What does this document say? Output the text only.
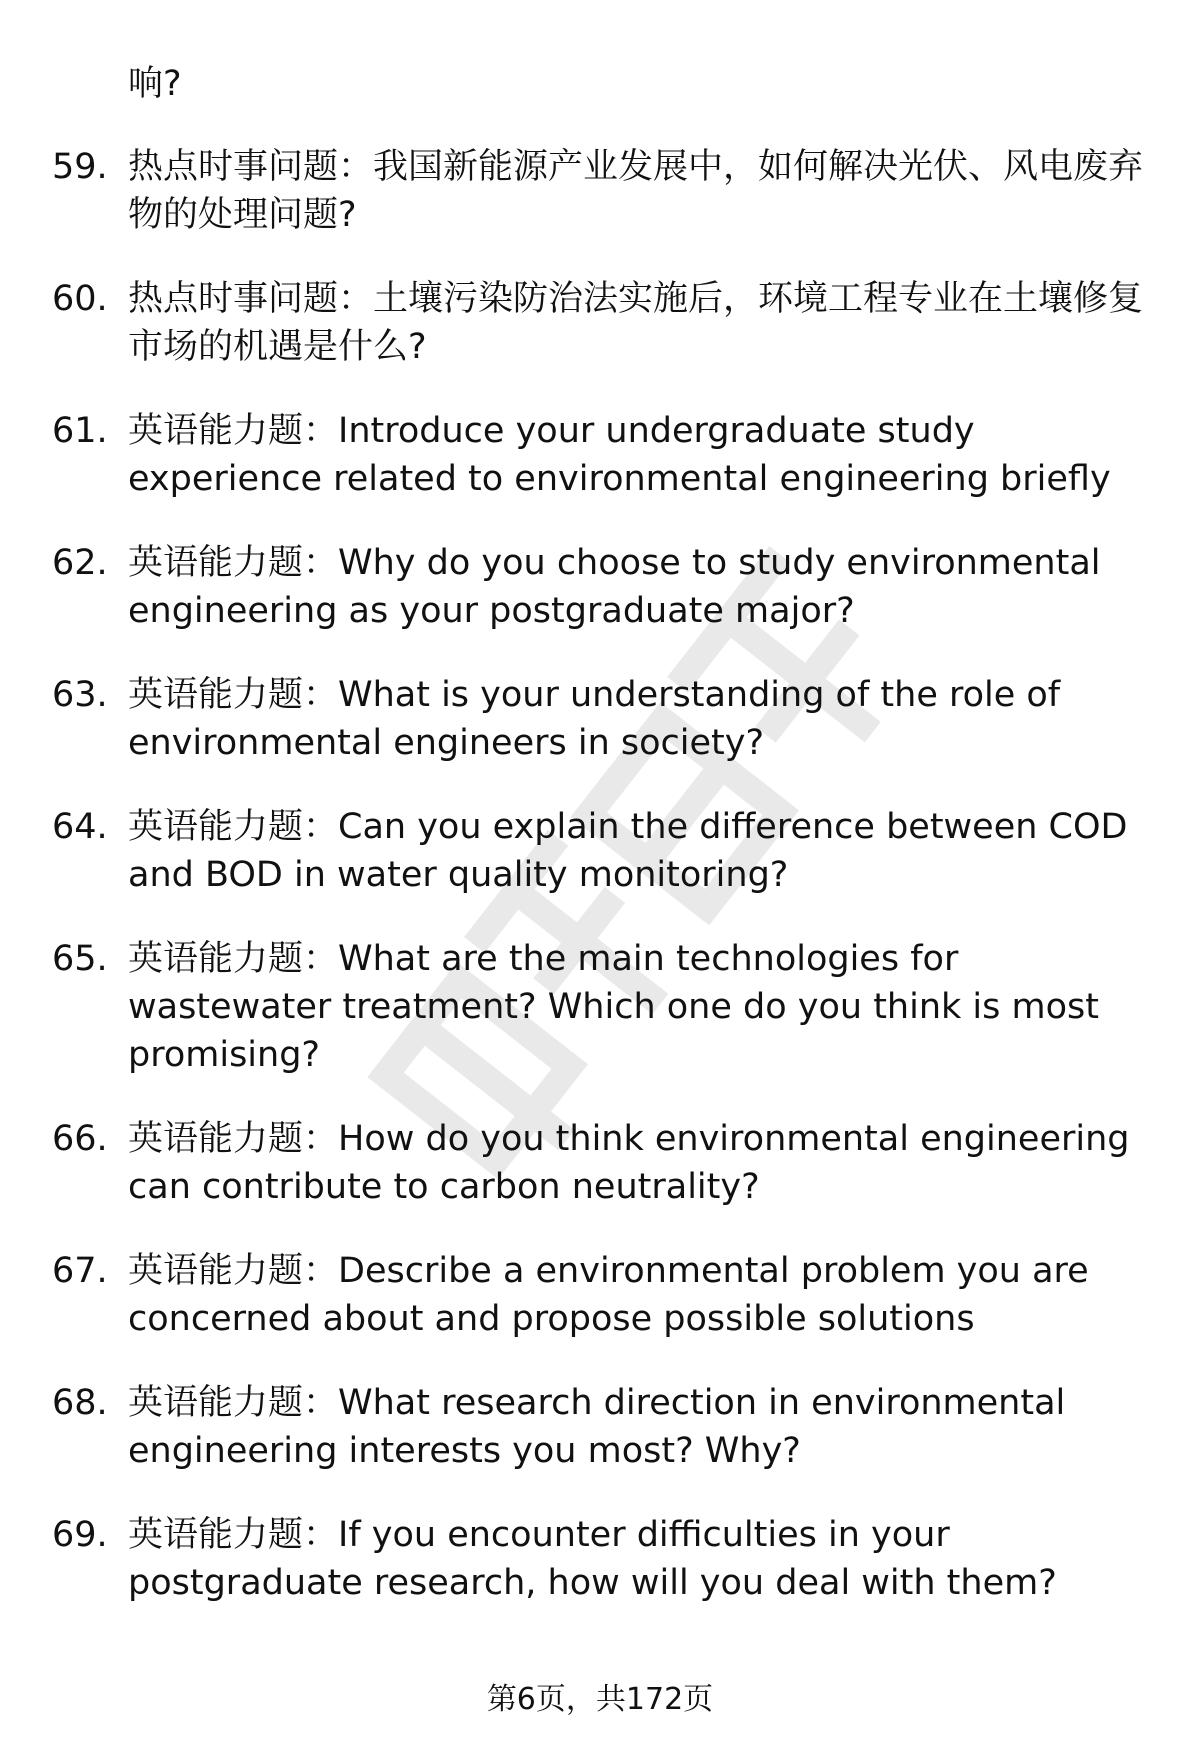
响?
59. 热点时事问题：我国新能源产业发展中，如何解决光伏、风电废弃物的处理问题?
60. 热点时事问题：土壤污染防治法实施后，环境工程专业在土壤修复市场的机遇是什么?
61. 英语能力题：Introduce your undergraduate study experience related to environmental engineering briefly
62. 英语能力题：Why do you choose to study environmental engineering as your postgraduate major?
63. 英语能力题：What is your understanding of the role of environmental engineers in society?
64. 英语能力题：Can you explain the difference between COD and BOD in water quality monitoring?
65. 英语能力题：What are the main technologies for wastewater treatment? Which one do you think is most promising?
66. 英语能力题：How do you think environmental engineering can contribute to carbon neutrality?
67. 英语能力题：Describe a environmental problem you are concerned about and propose possible solutions
68. 英语能力题：What research direction in environmental engineering interests you most? Why?
69. 英语能力题：If you encounter difficulties in your postgraduate research, how will you deal with them?
第6页，共172页
